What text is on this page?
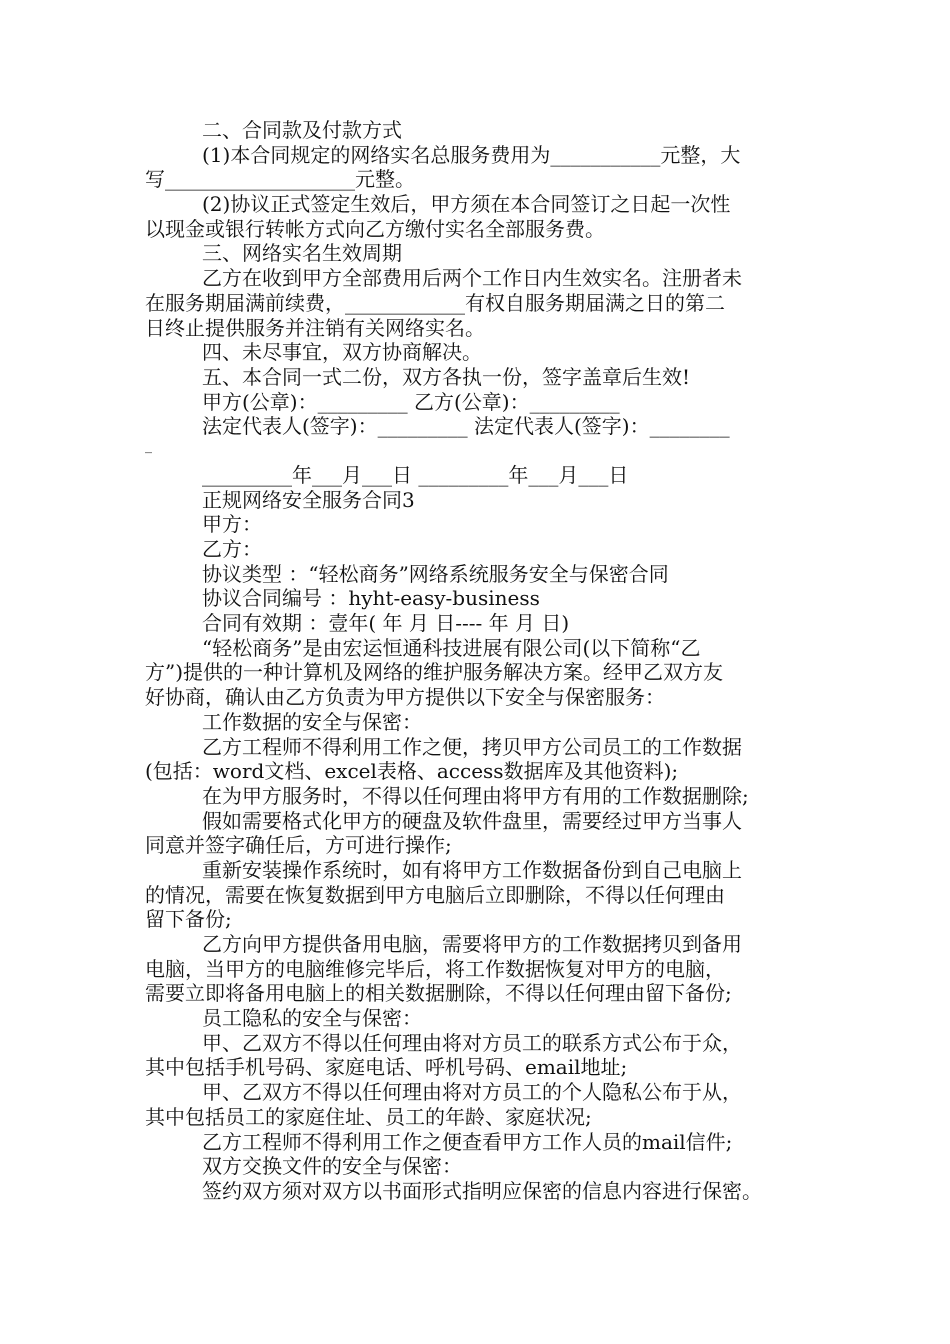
二、合同款及付款方式
(1)本合同规定的网络实名总服务费用为___________元整，大
写___________________元整。
(2)协议正式签定生效后，甲方须在本合同签订之日起一次性
以现金或银行转帐方式向乙方缴付实名全部服务费。
三、网络实名生效周期
乙方在收到甲方全部费用后两个工作日内生效实名。注册者未
在服务期届满前续费，____________有权自服务期届满之日的第二
日终止提供服务并注销有关网络实名。
四、未尽事宜，双方协商解决。
五、本合同一式二份，双方各执一份，签字盖章后生效!
甲方(公章)：_________ 乙方(公章)：_________
法定代表人(签字)：_________ 法定代表人(签字)：________
_
_________年___月___日 _________年___月___日
正规网络安全服务合同3
甲方：
乙方：
协议类型 ：“轻松商务”网络系统服务安全与保密合同
协议合同编号 ：hyht-easy-business
合同有效期 ：壹年( 年 月 日---- 年 月 日)
“轻松商务”是由宏运恒通科技进展有限公司(以下简称“乙
方”)提供的一种计算机及网络的维护服务解决方案。经甲乙双方友
好协商，确认由乙方负责为甲方提供以下安全与保密服务：
工作数据的安全与保密：
乙方工程师不得利用工作之便，拷贝甲方公司员工的工作数据
(包括：word文档、excel表格、access数据库及其他资料);
在为甲方服务时，不得以任何理由将甲方有用的工作数据删除;
假如需要格式化甲方的硬盘及软件盘里，需要经过甲方当事人
同意并签字确任后，方可进行操作;
重新安装操作系统时，如有将甲方工作数据备份到自己电脑上
的情况，需要在恢复数据到甲方电脑后立即删除，不得以任何理由
留下备份;
乙方向甲方提供备用电脑，需要将甲方的工作数据拷贝到备用
电脑，当甲方的电脑维修完毕后，将工作数据恢复对甲方的电脑，
需要立即将备用电脑上的相关数据删除，不得以任何理由留下备份;
员工隐私的安全与保密：
甲、乙双方不得以任何理由将对方员工的联系方式公布于众，
其中包括手机号码、家庭电话、呼机号码、email地址;
甲、乙双方不得以任何理由将对方员工的个人隐私公布于从，
其中包括员工的家庭住址、员工的年龄、家庭状况;
乙方工程师不得利用工作之便查看甲方工作人员的mail信件;
双方交换文件的安全与保密：
签约双方须对双方以书面形式指明应保密的信息内容进行保密。
